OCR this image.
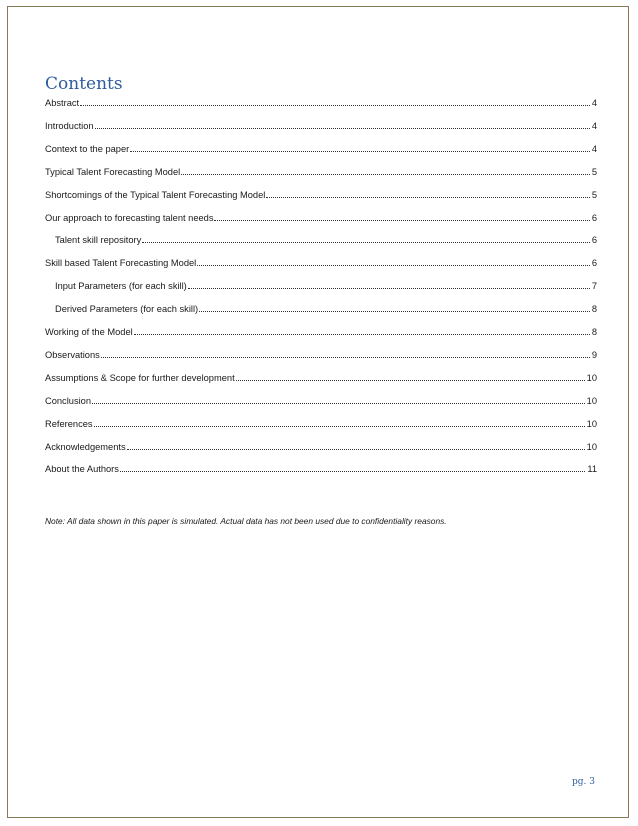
Contents
Abstract	4
Introduction	4
Context to the paper	4
Typical Talent Forecasting Model	5
Shortcomings of the Typical Talent Forecasting Model	5
Our approach to forecasting talent needs	6
Talent skill repository	6
Skill based Talent Forecasting Model	6
Input Parameters (for each skill)	7
Derived Parameters (for each skill)	8
Working of the Model	8
Observations	9
Assumptions & Scope for further development	10
Conclusion	10
References	10
Acknowledgements	10
About the Authors	11
Note: All data shown in this paper is simulated. Actual data has not been used due to confidentiality reasons.
pg. 3
